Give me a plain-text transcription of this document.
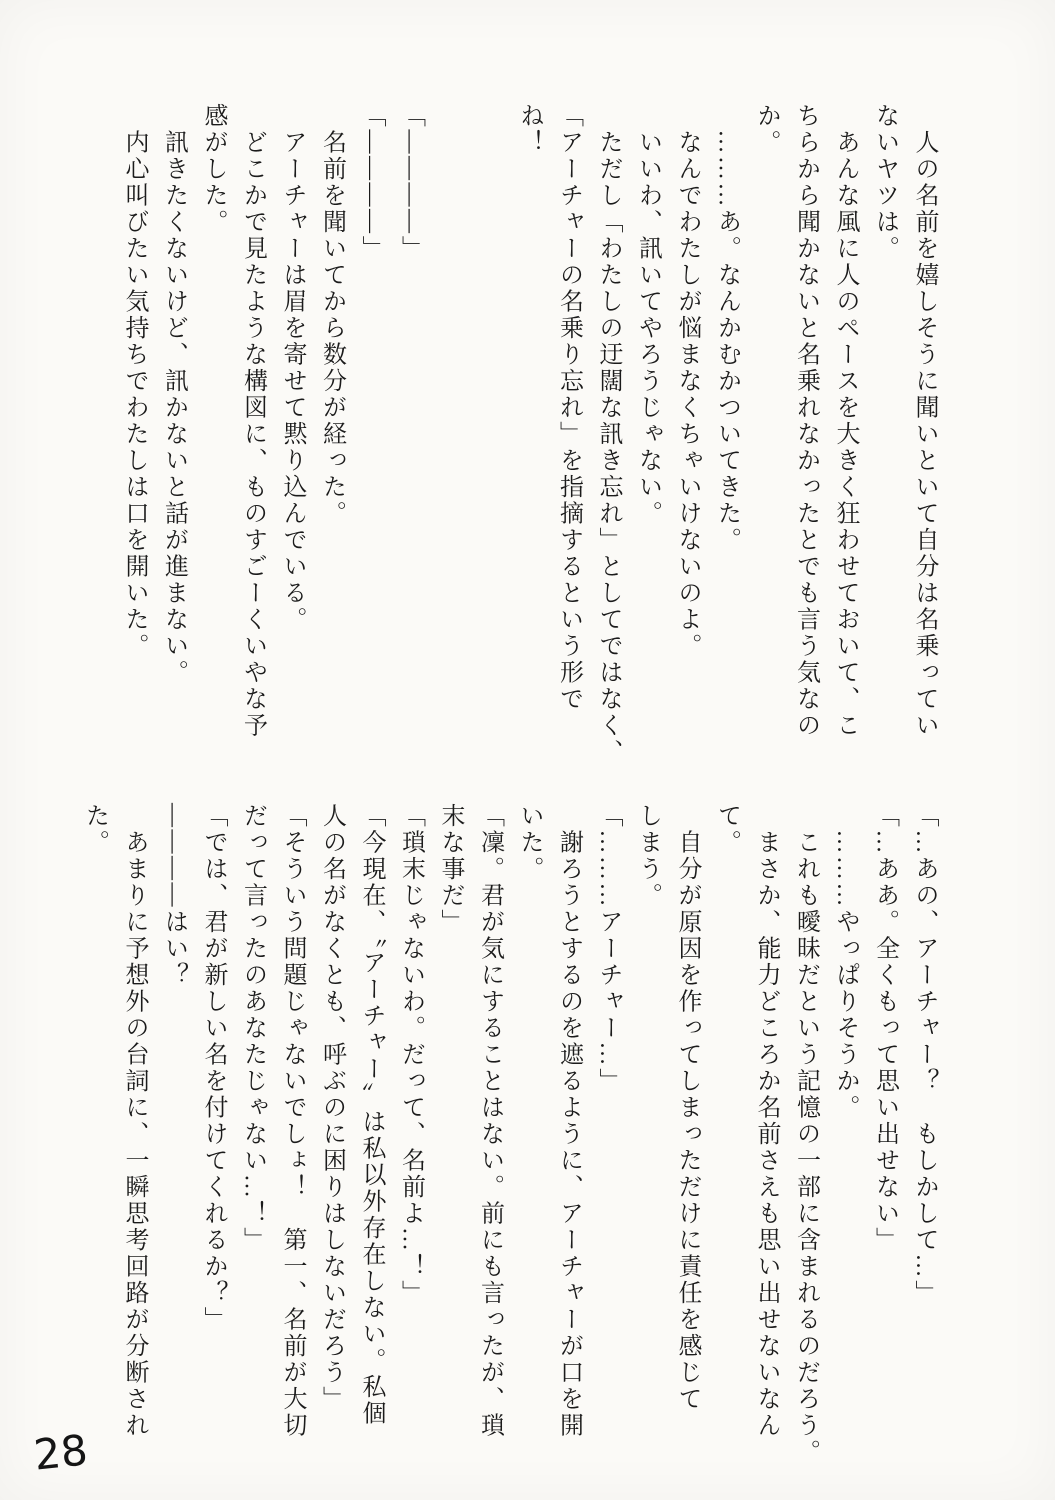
　人の名前を嬉しそうに聞いといて自分は名乗ってい
ないヤツは。
　あんな風に人のペースを大きく狂わせておいて、こ
ちらから聞かないと名乗れなかったとでも言う気なの
か。
　………あ。なんかむかついてきた。
　なんでわたしが悩まなくちゃいけないのよ。
　いいわ、訊いてやろうじゃない。
　ただし「わたしの迂闊な訊き忘れ」としてではなく、
「アーチャーの名乗り忘れ」を指摘するという形で
ね！

「――――」
「――――」
　名前を聞いてから数分が経った。
　アーチャーは眉を寄せて黙り込んでいる。
　どこかで見たような構図に、ものすごーくいやな予
感がした。
　訊きたくないけど、訊かないと話が進まない。
　内心叫びたい気持ちでわたしは口を開いた。
「…あの、アーチャー？　もしかして…」
「…ああ。全くもって思い出せない」
　………やっぱりそうか。
　これも曖昧だという記憶の一部に含まれるのだろう。
　まさか、能力どころか名前さえも思い出せないなん
て。
　自分が原因を作ってしまっただけに責任を感じて
しまう。
「………アーチャー…」
　謝ろうとするのを遮るように、アーチャーが口を開
いた。
「凜。君が気にすることはない。前にも言ったが、瑣
末な事だ」
「瑣末じゃないわ。だって、名前よ…！」
「今現在、〝アーチャー〟は私以外存在しない。私個
人の名がなくとも、呼ぶのに困りはしないだろう」
「そういう問題じゃないでしょ！　第一、名前が大切
だって言ったのあなたじゃない…！」
「では、君が新しい名を付けてくれるか？」
――――はい？
　あまりに予想外の台詞に、一瞬思考回路が分断され
た。
28
